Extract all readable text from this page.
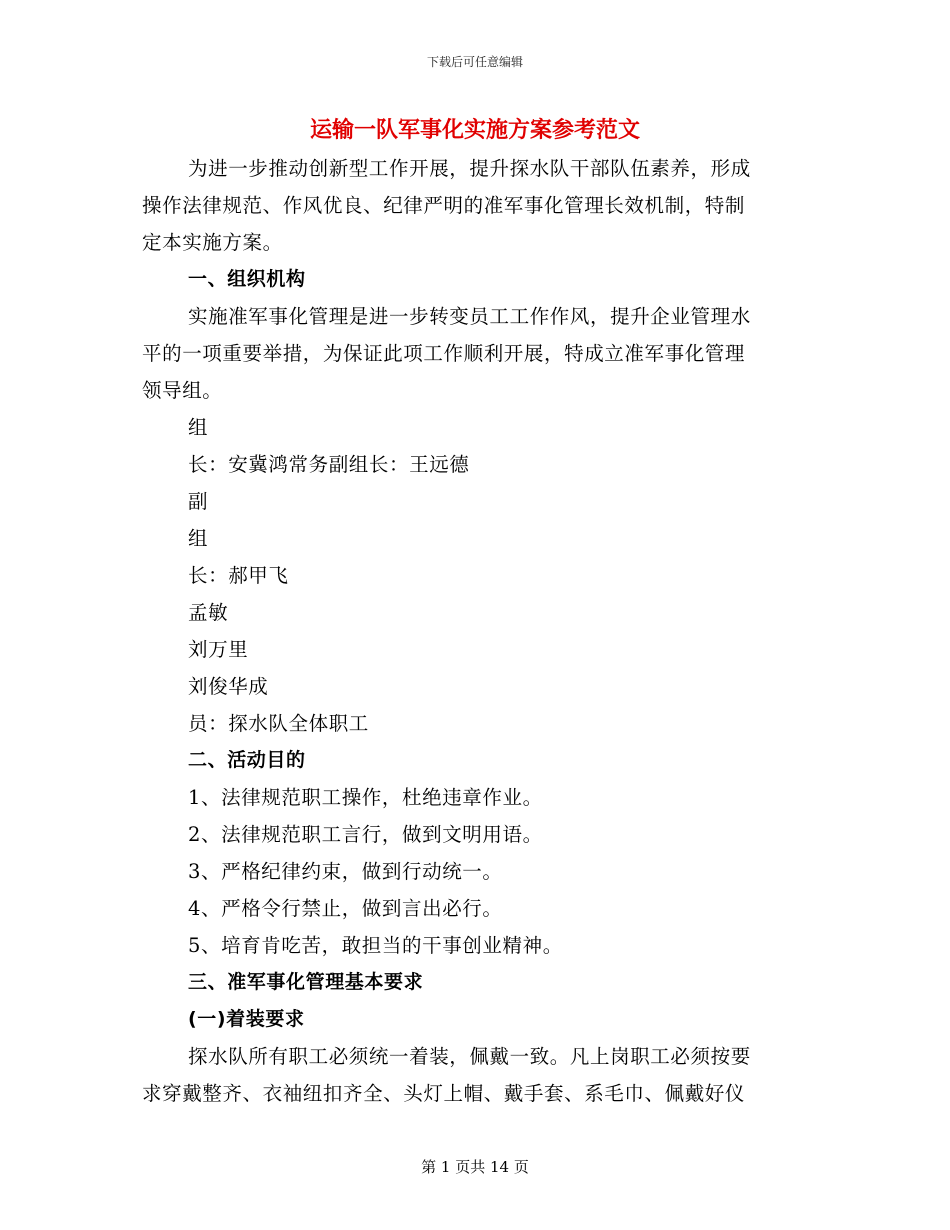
下载后可任意编辑
运输一队军事化实施方案参考范文
为进一步推动创新型工作开展，提升探水队干部队伍素养，形成
操作法律规范、作风优良、纪律严明的准军事化管理长效机制，特制
定本实施方案。
一、组织机构
实施准军事化管理是进一步转变员工工作作风，提升企业管理水
平的一项重要举措，为保证此项工作顺利开展，特成立准军事化管理
领导组。
组
长：安冀鸿常务副组长：王远德
副
组
长：郝甲飞
孟敏
刘万里
刘俊华成
员：探水队全体职工
二、活动目的
1、法律规范职工操作，杜绝违章作业。
2、法律规范职工言行，做到文明用语。
3、严格纪律约束，做到行动统一。
4、严格令行禁止，做到言出必行。
5、培育肯吃苦，敢担当的干事创业精神。
三、准军事化管理基本要求
(一)着装要求
探水队所有职工必须统一着装，佩戴一致。凡上岗职工必须按要
求穿戴整齐、衣袖纽扣齐全、头灯上帽、戴手套、系毛巾、佩戴好仪
第 1 页共 14 页
